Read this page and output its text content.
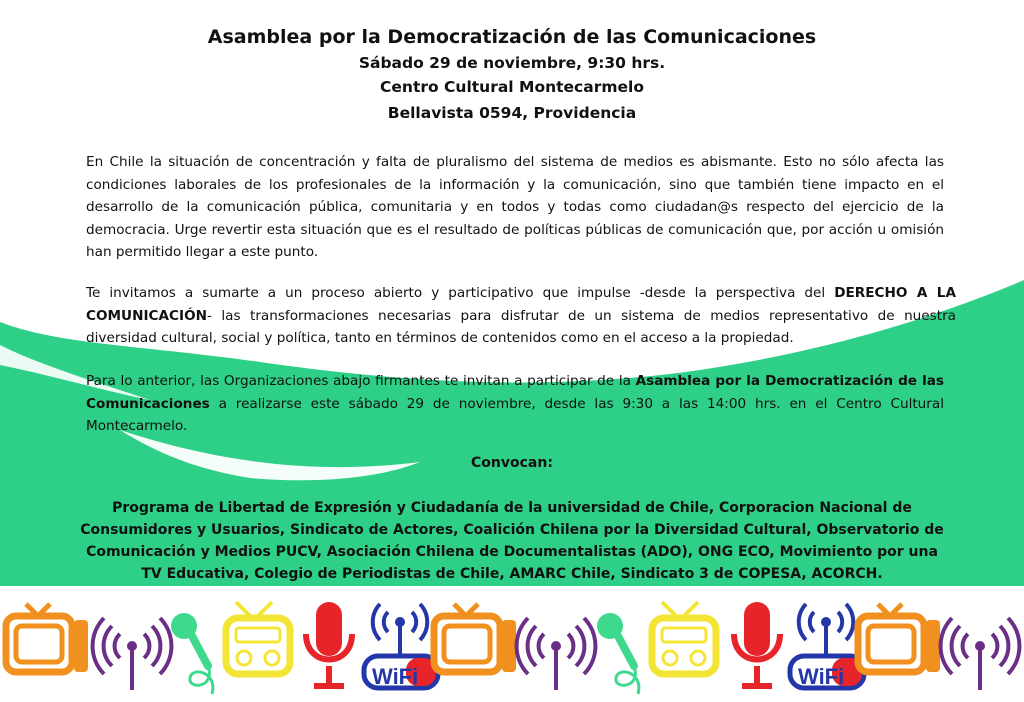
Asamblea por la Democratización de las Comunicaciones
Sábado 29 de noviembre, 9:30 hrs.
Centro Cultural Montecarmelo
Bellavista 0594, Providencia

En Chile la situación de concentración y falta de pluralismo del sistema de medios es abismante. Esto no sólo afecta las condiciones laborales de los profesionales de la información y la comunicación, sino que también tiene impacto en el desarrollo de la comunicación pública, comunitaria y en todos y todas como ciudadan@s respecto del ejercicio de la democracia. Urge revertir esta situación que es el resultado de políticas públicas de comunicación que, por acción u omisión han permitido llegar a este punto.

Te invitamos a sumarte a un proceso abierto y participativo que impulse -desde la perspectiva del DERECHO A LA COMUNICACIÓN- las transformaciones necesarias para disfrutar de un sistema de medios representativo de nuestra diversidad cultural, social y política, tanto en términos de contenidos como en el acceso a la propiedad.

Para lo anterior, las Organizaciones abajo firmantes te invitan a participar de la Asamblea por la Democratización de las Comunicaciones a realizarse este sábado 29 de noviembre, desde las 9:30 a las 14:00 hrs. en el Centro Cultural Montecarmelo.

Convocan:

Programa de Libertad de Expresión y Ciudadanía de la universidad de Chile, Corporacion Nacional de Consumidores y Usuarios, Sindicato de Actores, Coalición Chilena por la Diversidad Cultural, Observatorio de Comunicación y Medios PUCV, Asociación Chilena de Documentalistas (ADO), ONG ECO, Movimiento por una TV Educativa, Colegio de Periodistas de Chile, AMARC Chile, Sindicato 3 de COPESA, ACORCH.

WiFi	WiFi
